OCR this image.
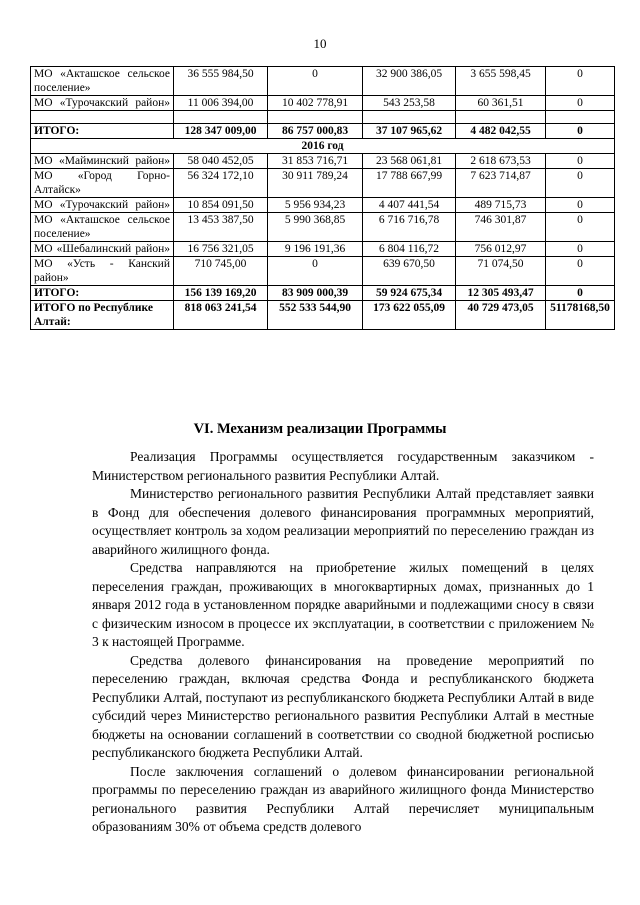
10
МО «Акташское сельское поселение»	36 555 984,50	0	32 900 386,05	3 655 598,45	0
МО «Турочакский район»	11 006 394,00	10 402 778,91	543 253,58	60 361,51	0

ИТОГО:	128 347 009,00	86 757 000,83	37 107 965,62	4 482 042,55	0
2016 год					
МО «Майминский район»	58 040 452,05	31 853 716,71	23 568 061,81	2 618 673,53	0
МО «Город Горно-Алтайск»	56 324 172,10	30 911 789,24	17 788 667,99	7 623 714,87	0
МО «Турочакский район»	10 854 091,50	5 956 934,23	4 407 441,54	489 715,73	0
МО «Акташское сельское поселение»	13 453 387,50	5 990 368,85	6 716 716,78	746 301,87	0
МО «Шебалинский район»	16 756 321,05	9 196 191,36	6 804 116,72	756 012,97	0
МО «Усть - Канский район»	710 745,00	0	639 670,50	71 074,50	0
ИТОГО:	156 139 169,20	83 909 000,39	59 924 675,34	12 305 493,47	0
ИТОГО по Республике Алтай:	818 063 241,54	552 533 544,90	173 622 055,09	40 729 473,05	51178168,50
VI. Механизм реализации Программы

Реализация Программы осуществляется государственным заказчиком - Министерством регионального развития Республики Алтай.

Министерство регионального развития Республики Алтай представляет заявки в Фонд для обеспечения долевого финансирования программных мероприятий, осуществляет контроль за ходом реализации мероприятий по переселению граждан из аварийного жилищного фонда.

Средства направляются на приобретение жилых помещений в целях переселения граждан, проживающих в многоквартирных домах, признанных до 1 января 2012 года в установленном порядке аварийными и подлежащими сносу в связи с физическим износом в процессе их эксплуатации, в соответствии с приложением № 3 к настоящей Программе.

Средства долевого финансирования на проведение мероприятий по переселению граждан, включая средства Фонда и республиканского бюджета Республики Алтай, поступают из республиканского бюджета Республики Алтай в виде субсидий через Министерство регионального развития Республики Алтай в местные бюджеты на основании соглашений в соответствии со сводной бюджетной росписью республиканского бюджета Республики Алтай.

После заключения соглашений о долевом финансировании региональной программы по переселению граждан из аварийного жилищного фонда Министерство регионального развития Республики Алтай перечисляет муниципальным образованиям 30% от объема средств долевого
